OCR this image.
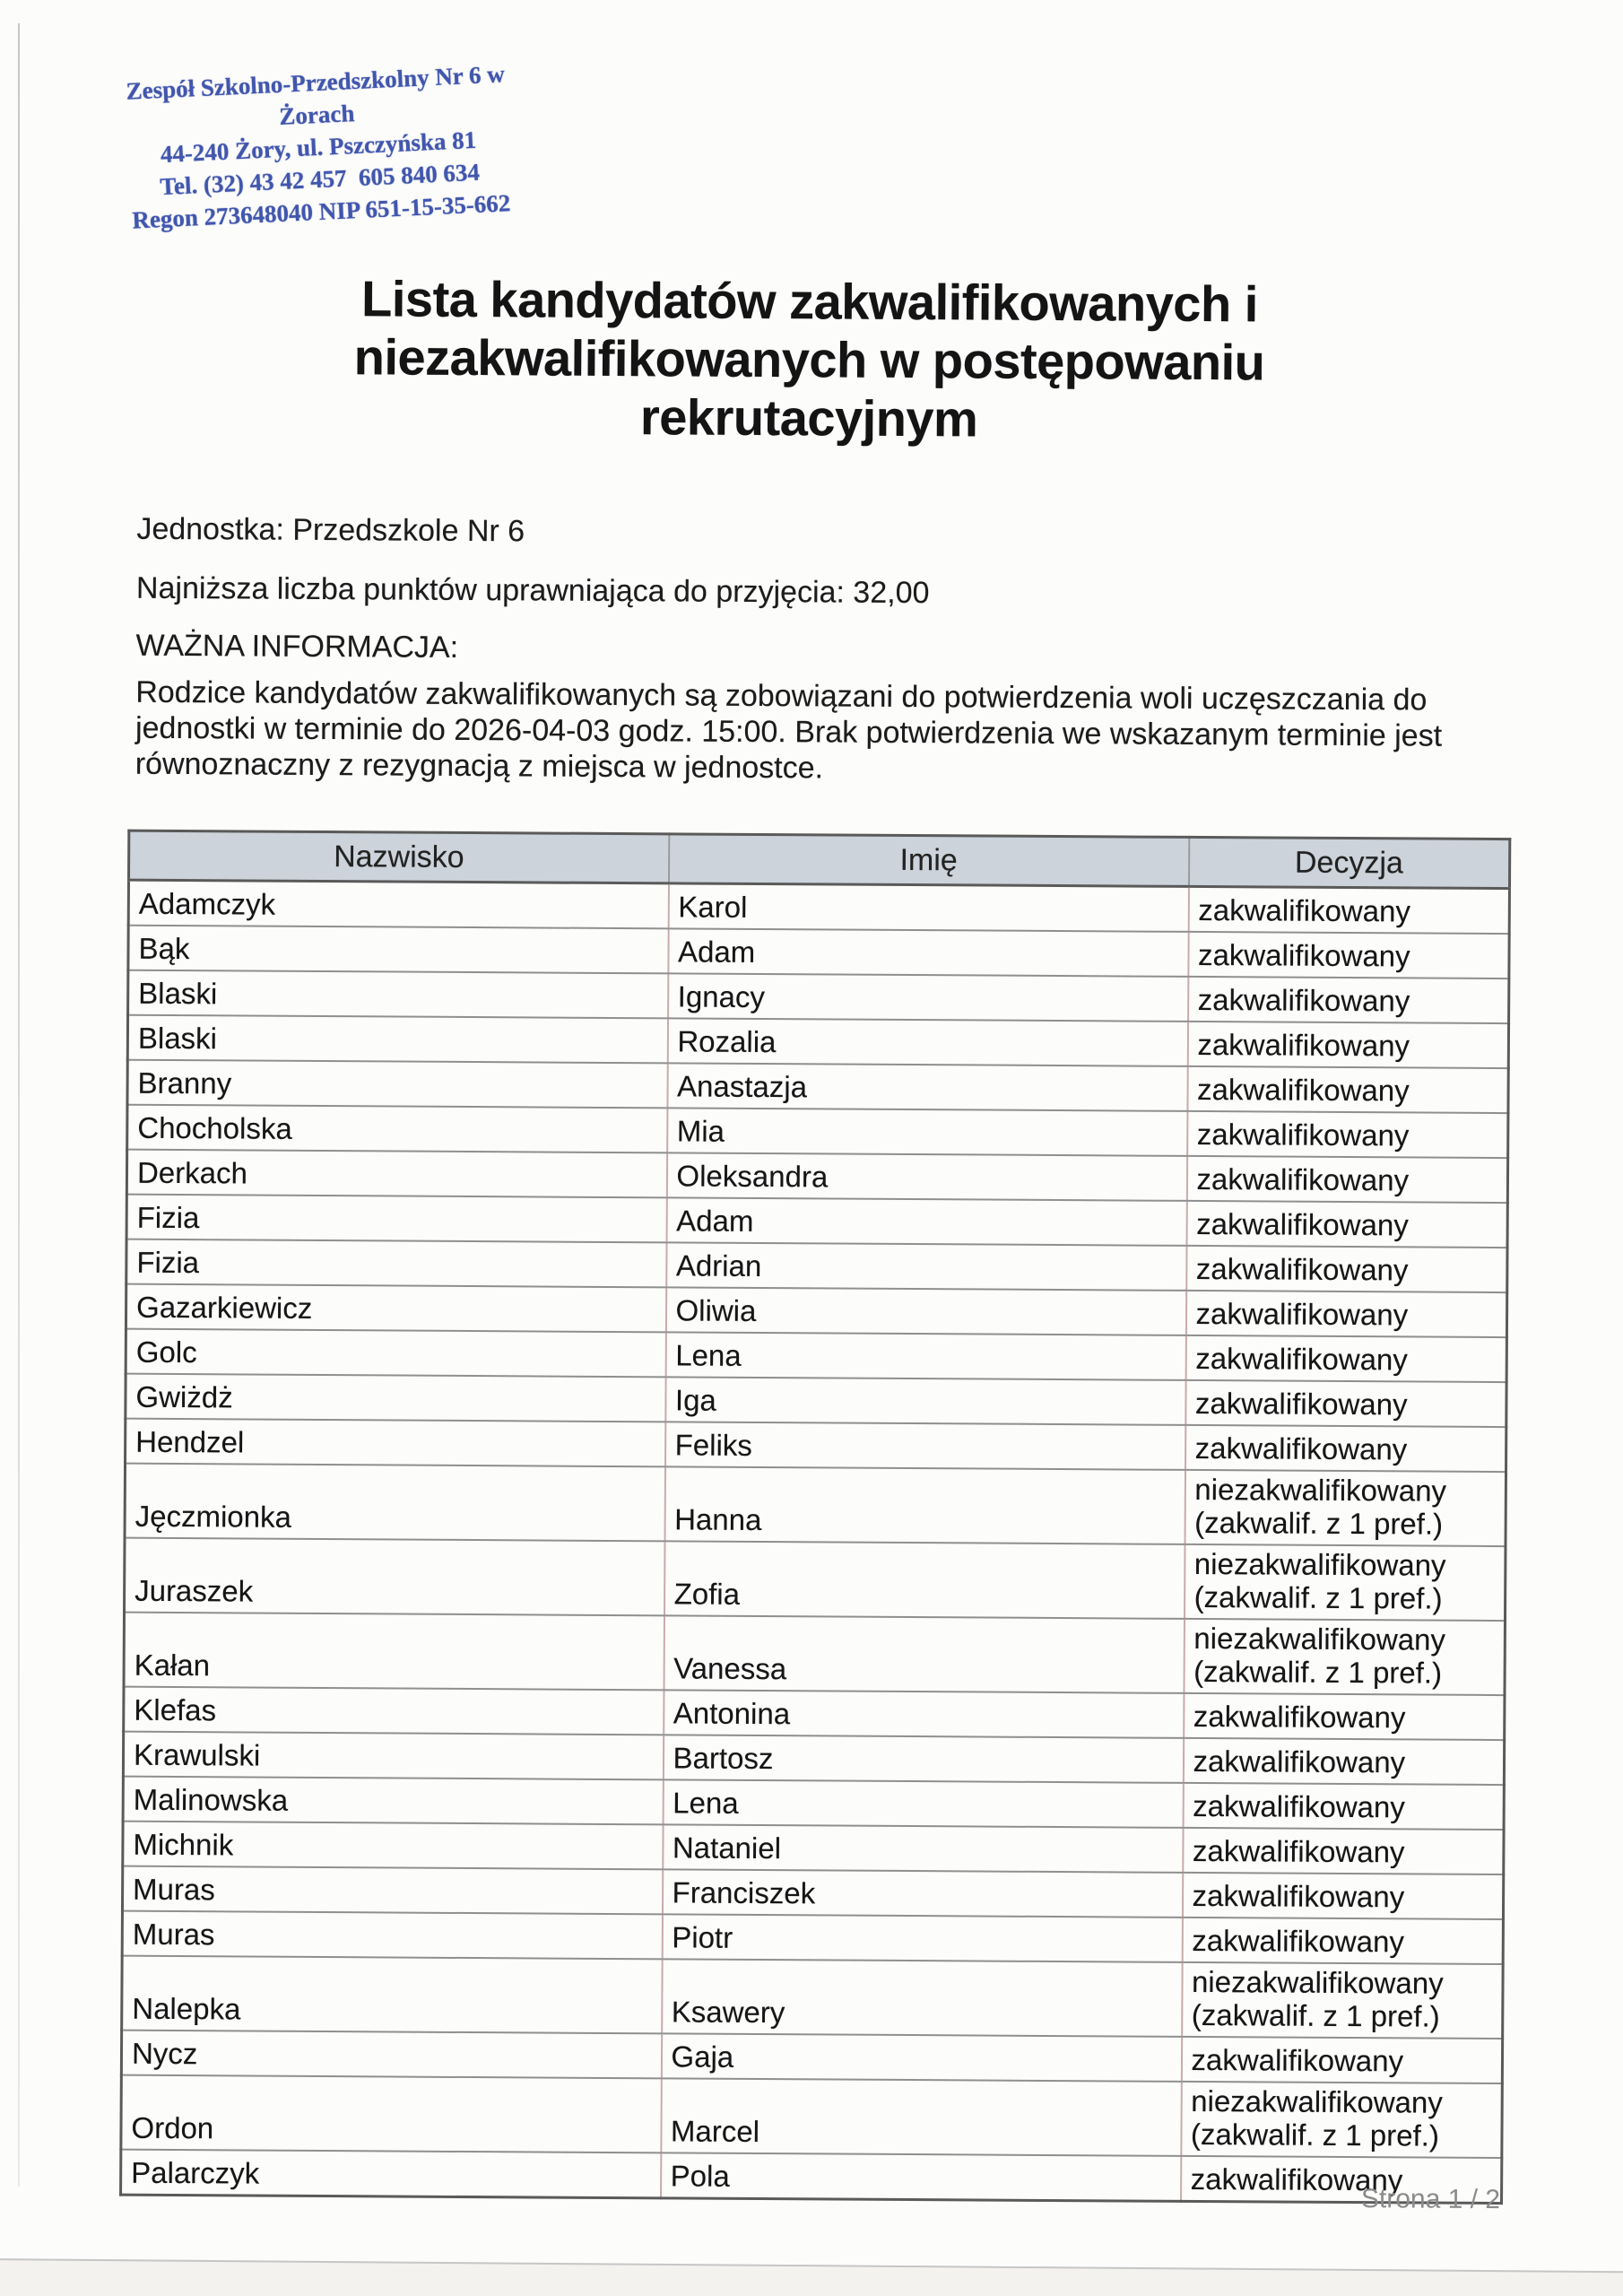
Zespół Szkolno-Przedszkolny Nr 6 w Żorach
44-240 Żory, ul. Pszczyńska 81
Tel. (32) 43 42 457  605 840 634
Regon 273648040 NIP 651-15-35-662
Lista kandydatów zakwalifikowanych i
niezakwalifikowanych w postępowaniu
rekrutacyjnym

Jednostka: Przedszkole Nr 6

Najniższa liczba punktów uprawniająca do przyjęcia: 32,00

WAŻNA INFORMACJA:

Rodzice kandydatów zakwalifikowanych są zobowiązani do potwierdzenia woli uczęszczania do jednostki w terminie do 2026-04-03 godz. 15:00. Brak potwierdzenia we wskazanym terminie jest równoznaczny z rezygnacją z miejsca w jednostce.

Nazwisko	Imię	Decyzja
Adamczyk	Karol	zakwalifikowany
Bąk	Adam	zakwalifikowany
Blaski	Ignacy	zakwalifikowany
Blaski	Rozalia	zakwalifikowany
Branny	Anastazja	zakwalifikowany
Chocholska	Mia	zakwalifikowany
Derkach	Oleksandra	zakwalifikowany
Fizia	Adam	zakwalifikowany
Fizia	Adrian	zakwalifikowany
Gazarkiewicz	Oliwia	zakwalifikowany
Golc	Lena	zakwalifikowany
Gwiżdż	Iga	zakwalifikowany
Hendzel	Feliks	zakwalifikowany
Jęczmionka	Hanna	niezakwalifikowany (zakwalif. z 1 pref.)
Juraszek	Zofia	niezakwalifikowany (zakwalif. z 1 pref.)
Kałan	Vanessa	niezakwalifikowany (zakwalif. z 1 pref.)
Klefas	Antonina	zakwalifikowany
Krawulski	Bartosz	zakwalifikowany
Malinowska	Lena	zakwalifikowany
Michnik	Nataniel	zakwalifikowany
Muras	Franciszek	zakwalifikowany
Muras	Piotr	zakwalifikowany
Nalepka	Ksawery	niezakwalifikowany (zakwalif. z 1 pref.)
Nycz	Gaja	zakwalifikowany
Ordon	Marcel	niezakwalifikowany (zakwalif. z 1 pref.)
Palarczyk	Pola	zakwalifikowany
Strona 1 / 2
